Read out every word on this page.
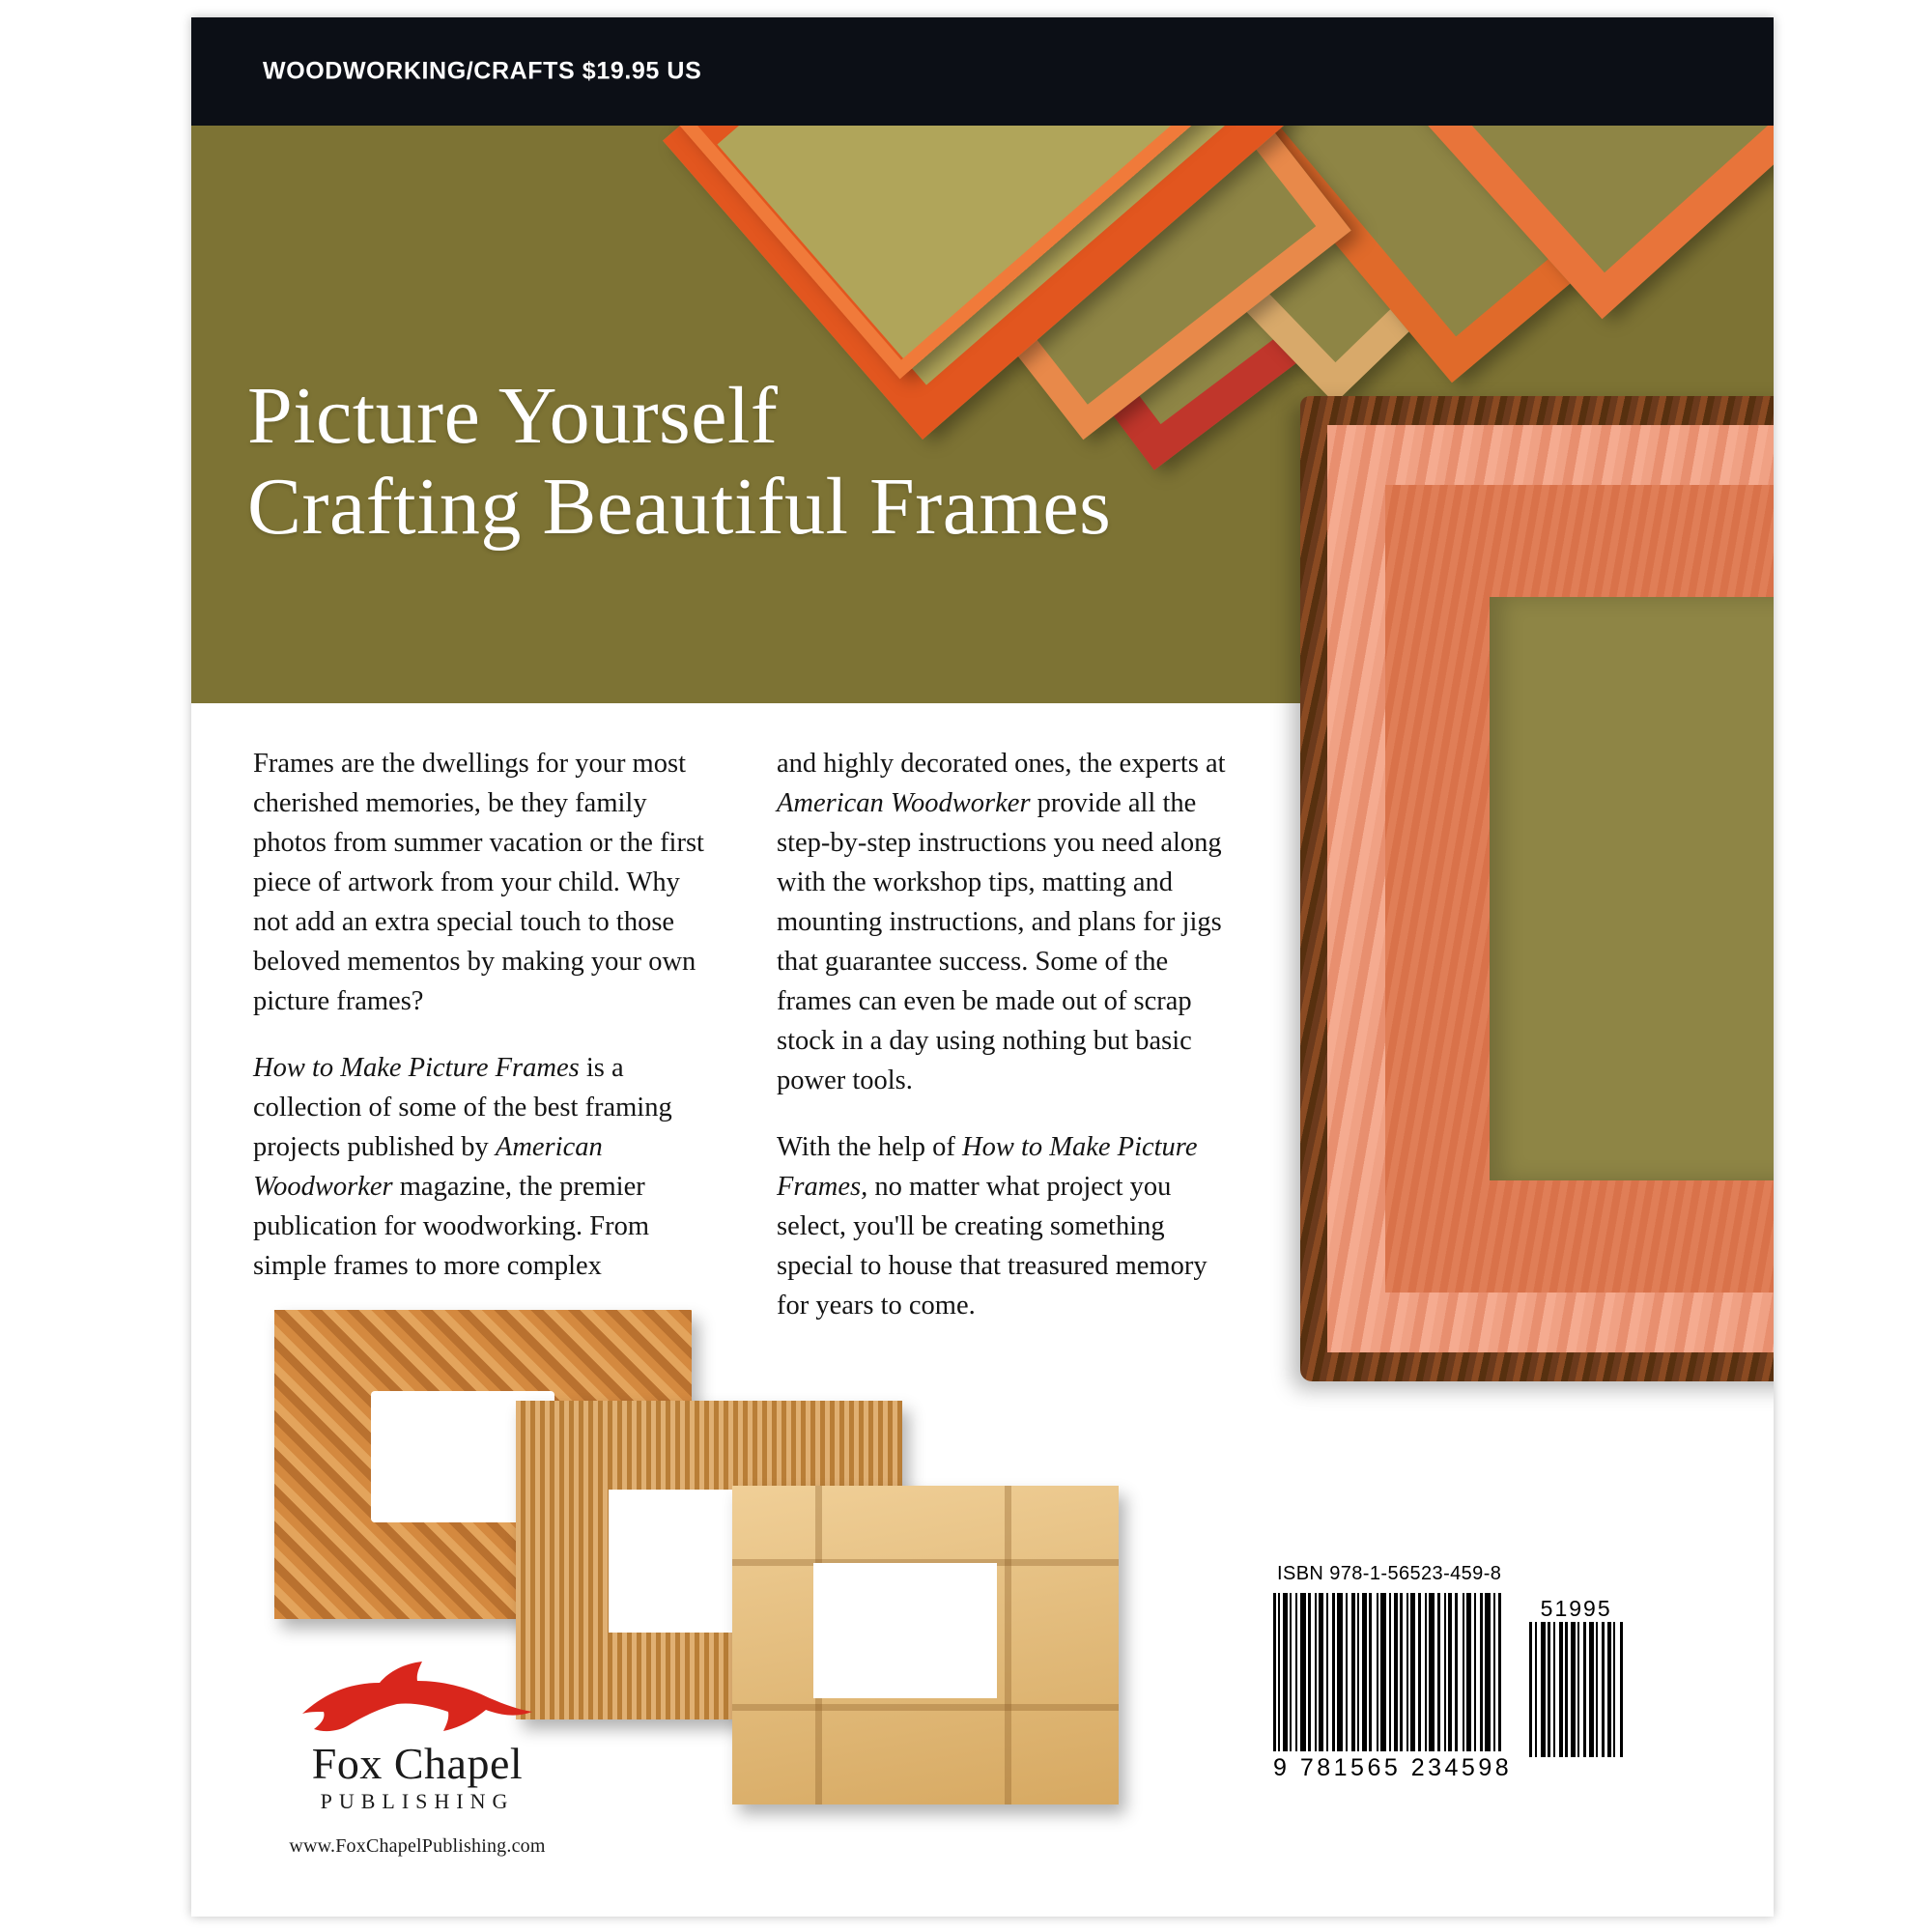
WOODWORKING/CRAFTS $19.95 US
Picture Yourself
Crafting Beautiful Frames

Frames are the dwellings for your most cherished memories, be they family photos from summer vacation or the first piece of artwork from your child. Why not add an extra special touch to those beloved mementos by making your own picture frames?

How to Make Picture Frames is a collection of some of the best framing projects published by American Woodworker magazine, the premier publication for woodworking. From simple frames to more complex

and highly decorated ones, the experts at American Woodworker provide all the step-by-step instructions you need along with the workshop tips, matting and mounting instructions, and plans for jigs that guarantee success. Some of the frames can even be made out of scrap stock in a day using nothing but basic power tools.

With the help of How to Make Picture Frames, no matter what project you select, you'll be creating something special to house that treasured memory for years to come.

Fox Chapel
PUBLISHING
www.FoxChapelPublishing.com
ISBN 978-1-56523-459-8
9 781565 234598
51995
